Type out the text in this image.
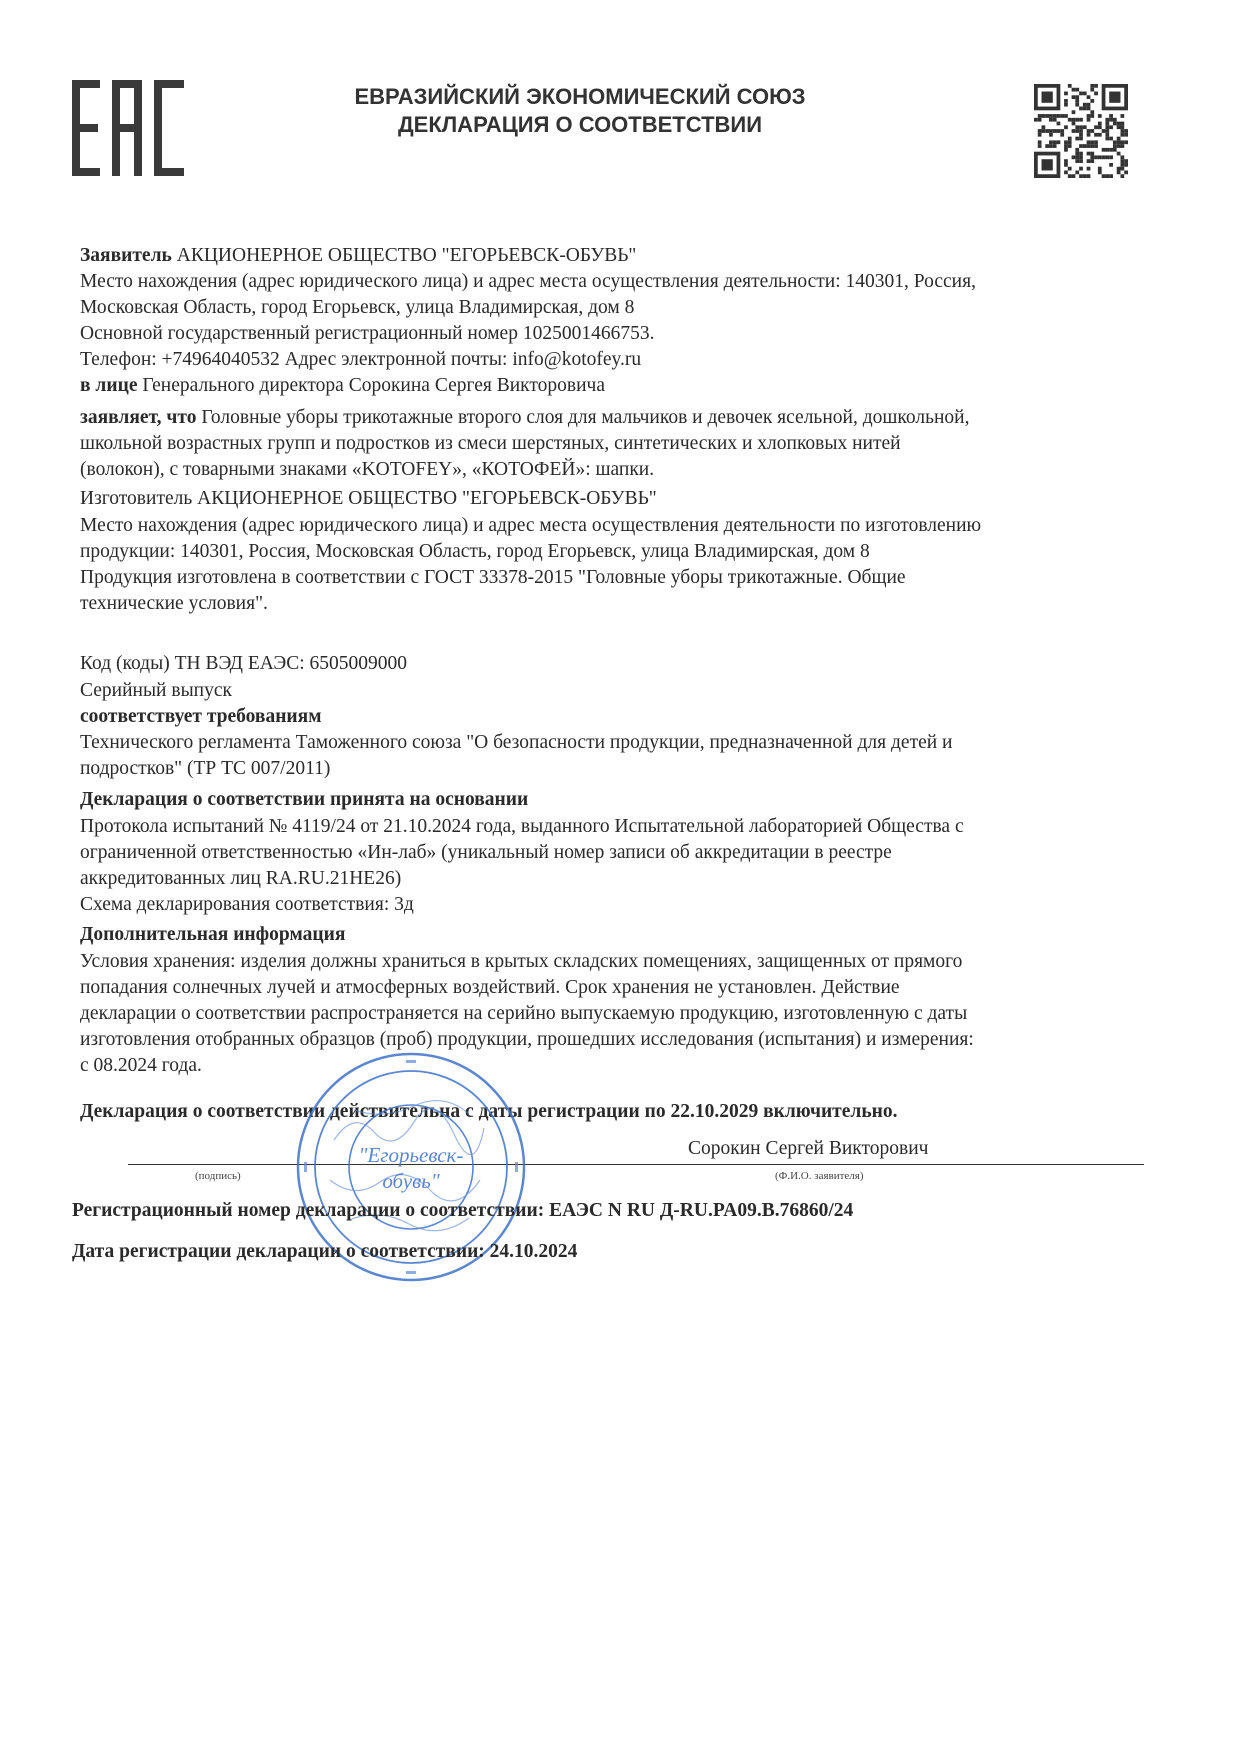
ЕВРАЗИЙСКИЙ ЭКОНОМИЧЕСКИЙ СОЮЗ
ДЕКЛАРАЦИЯ О СООТВЕТСТВИИ
Заявитель АКЦИОНЕРНОЕ ОБЩЕСТВО "ЕГОРЬЕВСК-ОБУВЬ"
Место нахождения (адрес юридического лица) и адрес места осуществления деятельности: 140301, Россия,
Московская Область, город Егорьевск, улица Владимирская, дом 8
Основной государственный регистрационный номер 1025001466753.
Телефон: +74964040532 Адрес электронной почты: info@kotofey.ru
в лице Генерального директора Сорокина Сергея Викторовича
заявляет, что Головные уборы трикотажные второго слоя для мальчиков и девочек ясельной, дошкольной,
школьной возрастных групп и подростков из смеси шерстяных, синтетических и хлопковых нитей
(волокон), с товарными знаками «KOTOFEY», «КОТОФЕЙ»: шапки.
Изготовитель АКЦИОНЕРНОЕ ОБЩЕСТВО "ЕГОРЬЕВСК-ОБУВЬ"
Место нахождения (адрес юридического лица) и адрес места осуществления деятельности по изготовлению
продукции: 140301, Россия, Московская Область, город Егорьевск, улица Владимирская, дом 8
Продукция изготовлена в соответствии с ГОСТ 33378-2015 "Головные уборы трикотажные. Общие
технические условия".
Код (коды) ТН ВЭД ЕАЭС: 6505009000
Серийный выпуск
соответствует требованиям
Технического регламента Таможенного союза "О безопасности продукции, предназначенной для детей и
подростков" (ТР ТС 007/2011)
Декларация о соответствии принята на основании
Протокола испытаний № 4119/24 от 21.10.2024 года, выданного Испытательной лабораторией Общества с
ограниченной ответственностью «Ин-лаб» (уникальный номер записи об аккредитации в реестре
аккредитованных лиц RA.RU.21НЕ26)
Схема декларирования соответствия: 3д
Дополнительная информация
Условия хранения: изделия должны храниться в крытых складских помещениях, защищенных от прямого
попадания солнечных лучей и атмосферных воздействий. Срок хранения не установлен. Действие
декларации о соответствии распространяется на серийно выпускаемую продукцию, изготовленную с даты
изготовления отобранных образцов (проб) продукции, прошедших исследования (испытания) и измерения:
с 08.2024 года.
Декларация о соответствии действительна с даты регистрации по 22.10.2029 включительно.
Сорокин Сергей Викторович
(подпись)	(Ф.И.О. заявителя)
"Егорьевск-
обувь"
Регистрационный номер декларации о соответствии: ЕАЭС N RU Д-RU.PA09.B.76860/24
Дата регистрации декларации о соответствии: 24.10.2024
